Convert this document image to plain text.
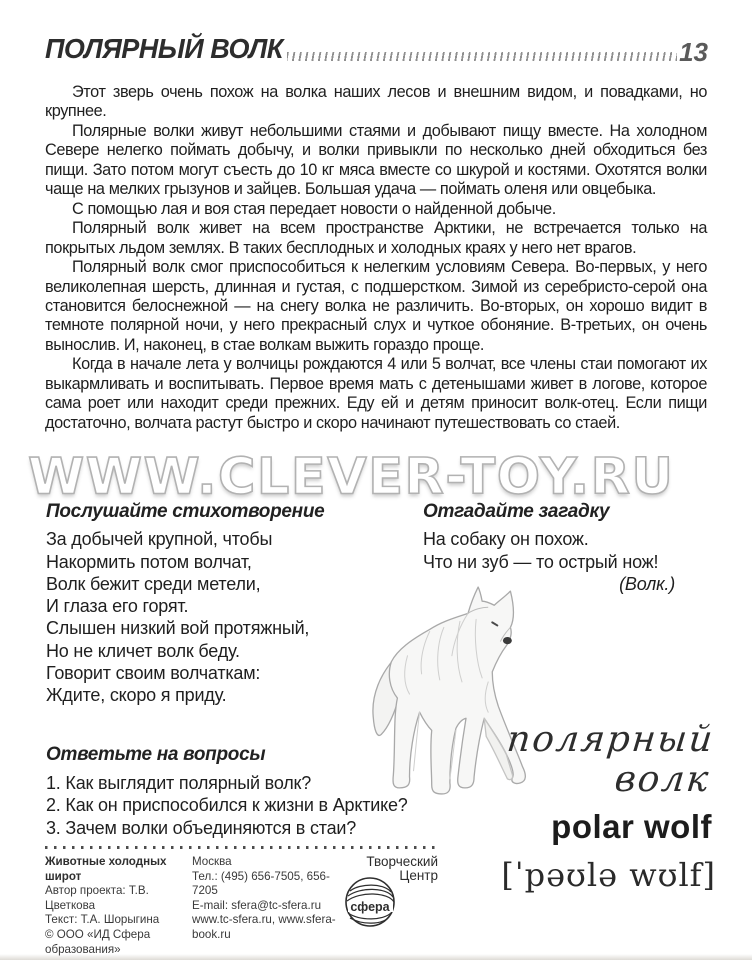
ПОЛЯРНЫЙ ВОЛК	13
WWW.CLEVER-TOY.RU
Этот зверь очень похож на волка наших лесов и внешним видом, и повадками, но крупнее.
Полярные волки живут небольшими стаями и добывают пищу вместе. На холодном Севере нелегко поймать добычу, и волки привыкли по несколько дней обходиться без пищи. Зато потом могут съесть до 10 кг мяса вместе со шкурой и костями. Охотятся волки чаще на мелких грызунов и зайцев. Большая удача — поймать оленя или овцебыка.
С помощью лая и воя стая передает новости о найденной добыче.
Полярный волк живет на всем пространстве Арктики, не встречается только на покрытых льдом землях. В таких бесплодных и холодных краях у него нет врагов.
Полярный волк смог приспособиться к нелегким условиям Севера. Во-первых, у него великолепная шерсть, длинная и густая, с подшерстком. Зимой из серебристо-серой она становится белоснежной — на снегу волка не различить. Во-вторых, он хорошо видит в темноте полярной ночи, у него прекрасный слух и чуткое обоняние. В-третьих, он очень вынослив. И, наконец, в стае волкам выжить гораздо проще.
Когда в начале лета у волчицы рождаются 4 или 5 волчат, все члены стаи помогают их выкармливать и воспитывать. Первое время мать с детенышами живет в логове, которое сама роет или находит среди прежних. Еду ей и детям приносит волк-отец. Если пищи достаточно, волчата растут быстро и скоро начинают путешествовать со стаей.
Послушайте стихотворение
За добычей крупной, чтобы
Накормить потом волчат,
Волк бежит среди метели,
И глаза его горят.
Слышен низкий вой протяжный,
Но не кличет волк беду.
Говорит своим волчаткам:
Ждите, скоро я приду.
Отгадайте загадку
На собаку он похож.
Что ни зуб — то острый нож!
(Волк.)
Ответьте на вопросы
1. Как выглядит полярный волк?
2. Как он приспособился к жизни в Арктике?
3. Зачем волки объединяются в стаи?
полярный
волк
polar wolf
[ˈpəʊlə wʊlf]
Животные холодных широт
Автор проекта: Т.В. Цветкова
Текст: Т.А. Шорыгина
© ООО «ИД Сфера образования»
Москва
Тел.: (495) 656-7505, 656-7205
E-mail: sfera@tc-sfera.ru
www.tc-sfera.ru, www.sfera-book.ru
Творческий
Центр
сфера
